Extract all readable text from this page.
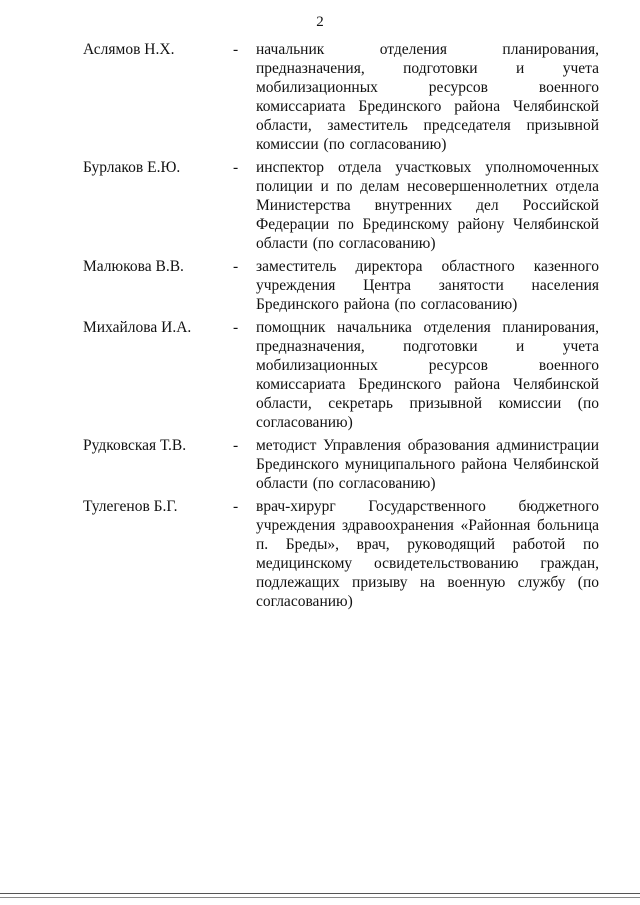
2
Аслямов Н.Х.	- начальник отделения планирования, предназначения, подготовки и учета мобилизационных ресурсов военного комиссариата Брединского района Челябинской области, заместитель председателя призывной комиссии (по согласованию)
Бурлаков Е.Ю.	- инспектор отдела участковых уполномоченных полиции и по делам несовершеннолетних отдела Министерства внутренних дел Российской Федерации по Брединскому району Челябинской области (по согласованию)
Малюкова В.В.	- заместитель директора областного казенного учреждения Центра занятости населения Брединского района (по согласованию)
Михайлова И.А.	- помощник начальника отделения планирования, предназначения, подготовки и учета мобилизационных ресурсов военного комиссариата Брединского района Челябинской области, секретарь призывной комиссии (по согласованию)
Рудковская Т.В.	- методист Управления образования администрации Брединского муниципального района Челябинской области (по согласованию)
Тулегенов Б.Г.	- врач-хирург Государственного бюджетного учреждения здравоохранения «Районная больница п. Бреды», врач, руководящий работой по медицинскому освидетельствованию граждан, подлежащих призыву на военную службу (по согласованию)
